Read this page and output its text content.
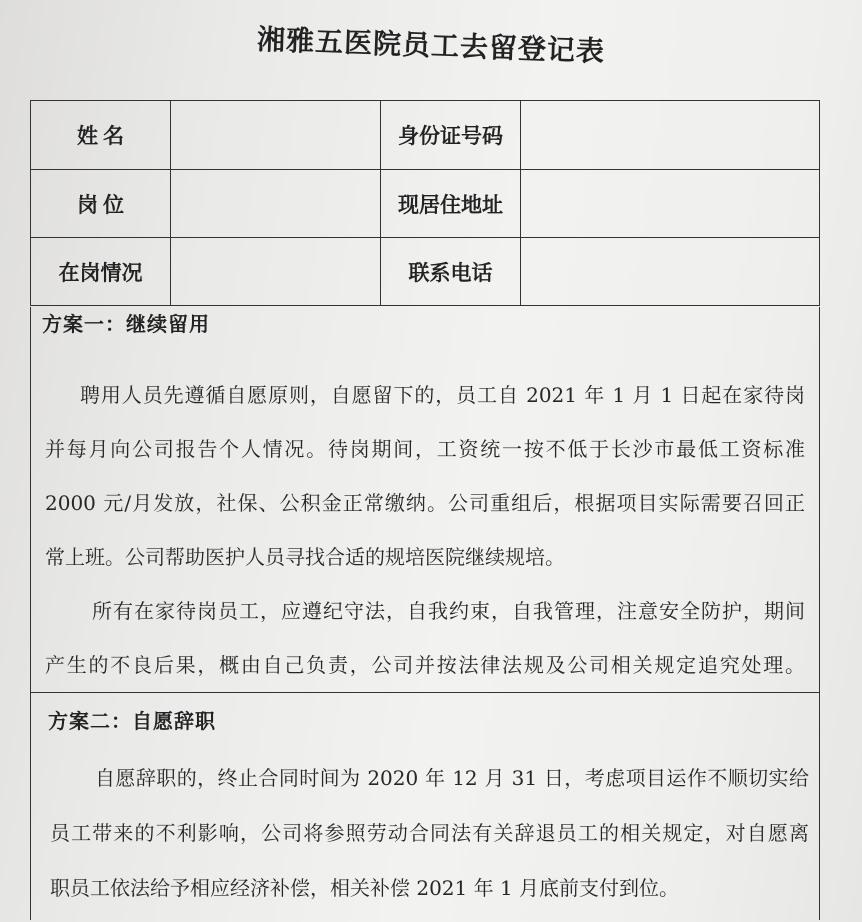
湘雅五医院员工去留登记表
姓名	身份证号码
岗位	现居住地址
在岗情况	联系电话
方案一：继续留用
聘用人员先遵循自愿原则，自愿留下的，员工自 2021 年 1 月 1 日起在家待岗
并每月向公司报告个人情况。待岗期间，工资统一按不低于长沙市最低工资标准
2000 元/月发放，社保、公积金正常缴纳。公司重组后，根据项目实际需要召回正
常上班。公司帮助医护人员寻找合适的规培医院继续规培。
所有在家待岗员工，应遵纪守法，自我约束，自我管理，注意安全防护，期间
产生的不良后果，概由自己负责，公司并按法律法规及公司相关规定追究处理。
方案二：自愿辞职
自愿辞职的，终止合同时间为 2020 年 12 月 31 日，考虑项目运作不顺切实给
员工带来的不利影响，公司将参照劳动合同法有关辞退员工的相关规定，对自愿离
职员工依法给予相应经济补偿，相关补偿 2021 年 1 月底前支付到位。
